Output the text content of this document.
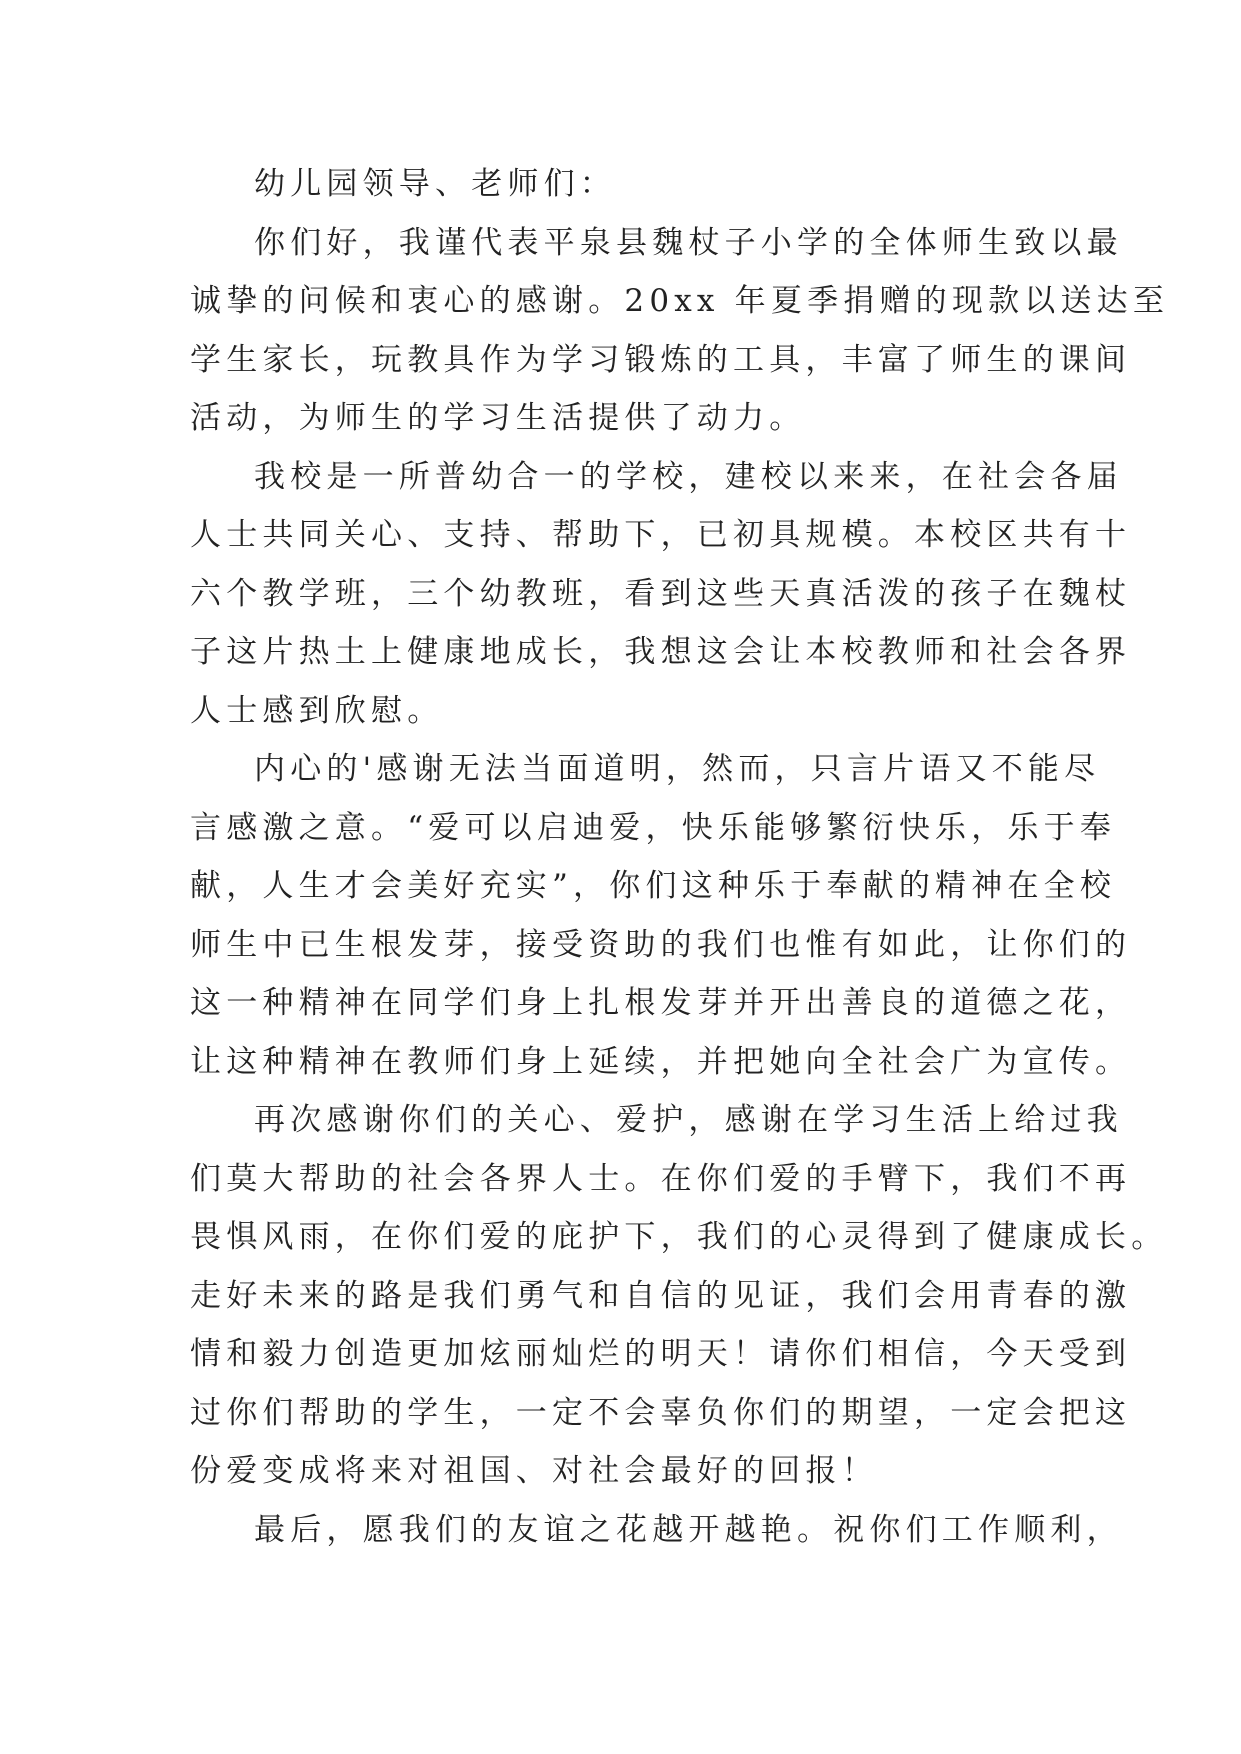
幼儿园领导、老师们：
你们好，我谨代表平泉县魏杖子小学的全体师生致以最
诚挚的问候和衷心的感谢。20xx 年夏季捐赠的现款以送达至
学生家长，玩教具作为学习锻炼的工具，丰富了师生的课间
活动，为师生的学习生活提供了动力。
我校是一所普幼合一的学校，建校以来来，在社会各届
人士共同关心、支持、帮助下，已初具规模。本校区共有十
六个教学班，三个幼教班，看到这些天真活泼的孩子在魏杖
子这片热土上健康地成长，我想这会让本校教师和社会各界
人士感到欣慰。
内心的'感谢无法当面道明，然而，只言片语又不能尽
言感激之意。“爱可以启迪爱，快乐能够繁衍快乐，乐于奉
献，人生才会美好充实”，你们这种乐于奉献的精神在全校
师生中已生根发芽，接受资助的我们也惟有如此，让你们的
这一种精神在同学们身上扎根发芽并开出善良的道德之花，
让这种精神在教师们身上延续，并把她向全社会广为宣传。
再次感谢你们的关心、爱护，感谢在学习生活上给过我
们莫大帮助的社会各界人士。在你们爱的手臂下，我们不再
畏惧风雨，在你们爱的庇护下，我们的心灵得到了健康成长。
走好未来的路是我们勇气和自信的见证，我们会用青春的激
情和毅力创造更加炫丽灿烂的明天！请你们相信，今天受到
过你们帮助的学生，一定不会辜负你们的期望，一定会把这
份爱变成将来对祖国、对社会最好的回报！
最后，愿我们的友谊之花越开越艳。祝你们工作顺利，
